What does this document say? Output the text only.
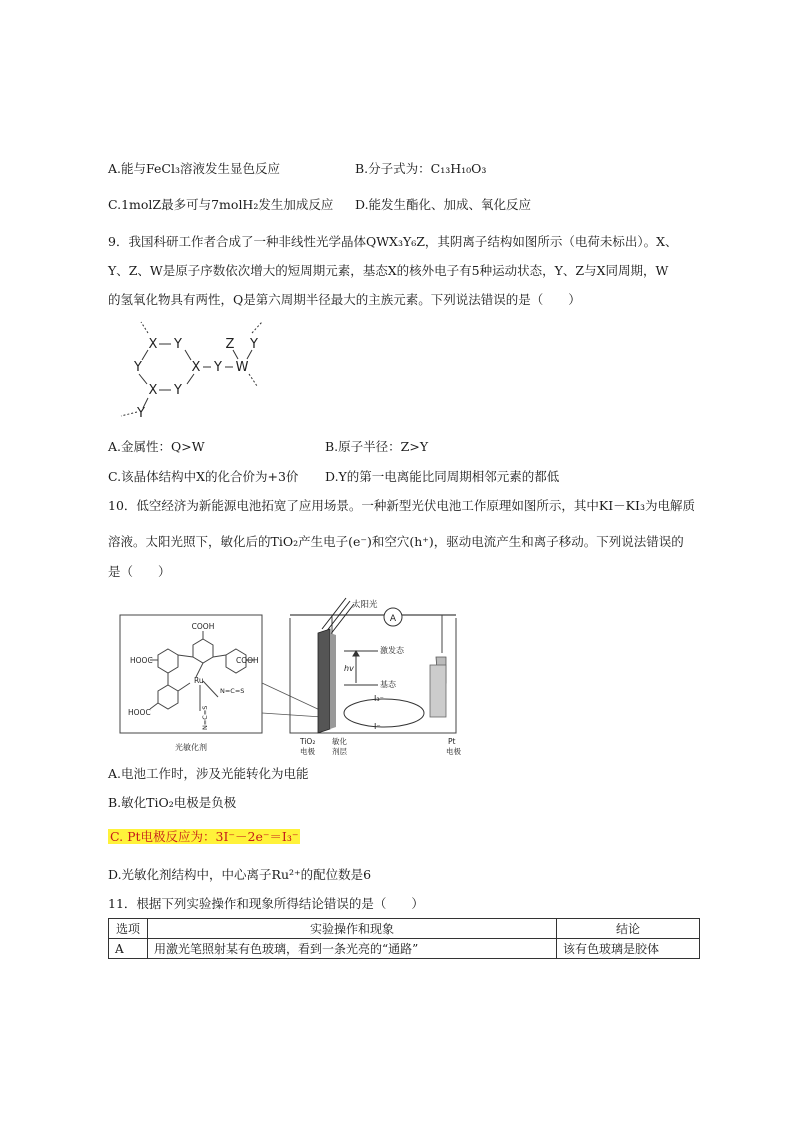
A.能与FeCl₃溶液发生显色反应	B.分子式为：C₁₃H₁₀O₃
C.1molZ最多可与7molH₂发生加成反应 D.能发生酯化、加成、氧化反应
9．我国科研工作者合成了一种非线性光学晶体QWX₃Y₆Z，其阴离子结构如图所示（电荷未标出）。X、
Y、Z、W是原子序数依次增大的短周期元素，基态X的核外电子有5种运动状态，Y、Z与X同周期，W
的氢氧化物具有两性，Q是第六周期半径最大的主族元素。下列说法错误的是（　　）
X Y
Y	X Y W
Z Y
X Y
Y
A.金属性：Q>W	B.原子半径：Z>Y
C.该晶体结构中X的化合价为+3价 D.Y的第一电离能比同周期相邻元素的都低
10．低空经济为新能源电池拓宽了应用场景。一种新型光伏电池工作原理如图所示，其中KI－KI₃为电解质
溶液。太阳光照下，敏化后的TiO₂产生电子(e⁻)和空穴(h⁺)，驱动电流产生和离子移动。下列说法错误的
是（　　）
COOH
HOOC	COOH
HOOC
Ru
N=C=S
N=C=S
光敏化剂
太阳光
A
激发态
hv
基态
I₃⁻
I⁻
TiO₂
电极
敏化
剂层
Pt
电极
A.电池工作时，涉及光能转化为电能
B.敏化TiO₂电极是负极
C. Pt电极反应为：3I⁻－2e⁻＝I₃⁻
D.光敏化剂结构中，中心离子Ru²⁺的配位数是6
11．根据下列实验操作和现象所得结论错误的是（　　）
选项	实验操作和现象	结论
A	用激光笔照射某有色玻璃，看到一条光亮的“通路”	该有色玻璃是胶体
